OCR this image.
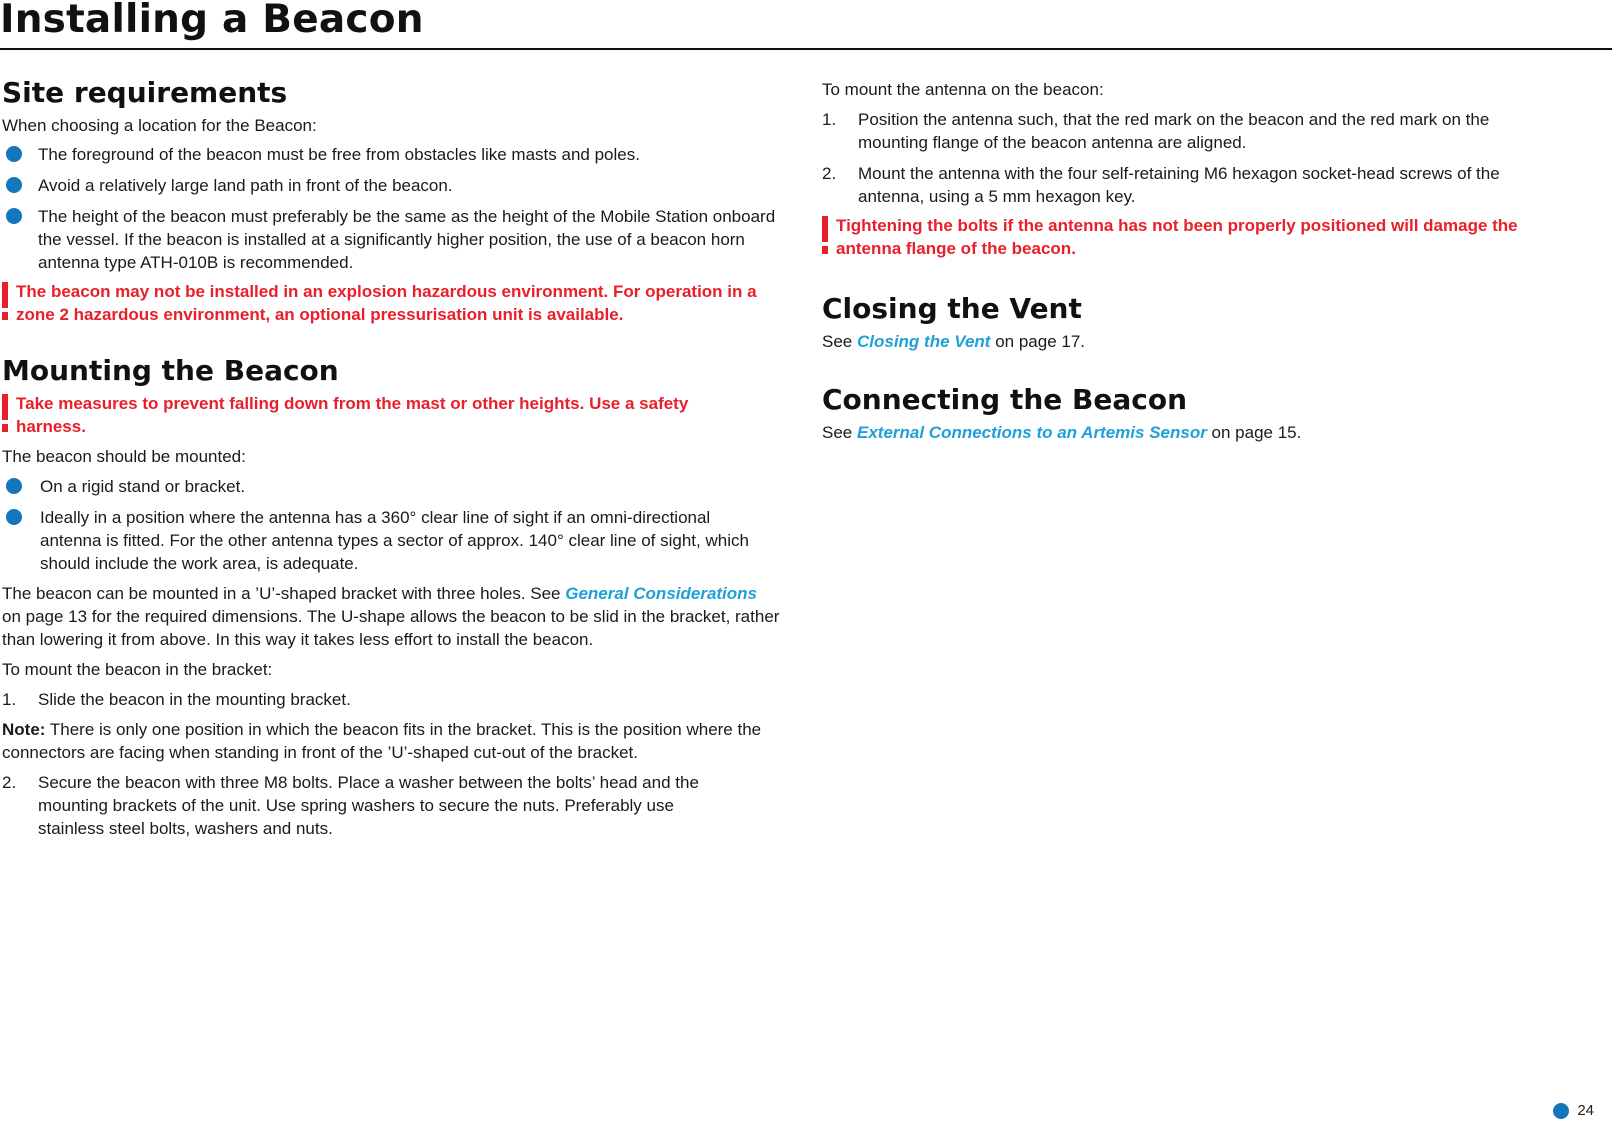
Installing a Beacon
Site requirements

When choosing a location for the Beacon:

The foreground of the beacon must be free from obstacles like masts and poles.
Avoid a relatively large land path in front of the beacon.
The height of the beacon must preferably be the same as the height of the Mobile Station onboard the vessel. If the beacon is installed at a significantly higher position, the use of a beacon horn antenna type ATH-010B is recommended.
The beacon may not be installed in an explosion hazardous environment. For operation in a zone 2 hazardous environment, an optional pressurisation unit is available.
Mounting the Beacon
Take measures to prevent falling down from the mast or other heights. Use a safety harness.

The beacon should be mounted:

On a rigid stand or bracket.
Ideally in a position where the antenna has a 360° clear line of sight if an omni-directional antenna is fitted. For the other antenna types a sector of approx. 140° clear line of sight, which should include the work area, is adequate.

The beacon can be mounted in a ’U’-shaped bracket with three holes. See General Considerations on page 13 for the required dimensions. The U-shape allows the beacon to be slid in the bracket, rather than lowering it from above. In this way it takes less effort to install the beacon.

To mount the beacon in the bracket:

1. Slide the beacon in the mounting bracket.

Note: There is only one position in which the beacon fits in the bracket. This is the position where the connectors are facing when standing in front of the ’U’-shaped cut-out of the bracket.

2. Secure the beacon with three M8 bolts. Place a washer between the bolts’ head and the mounting brackets of the unit. Use spring washers to secure the nuts. Preferably use stainless steel bolts, washers and nuts.

To mount the antenna on the beacon:

1. Position the antenna such, that the red mark on the beacon and the red mark on the mounting flange of the beacon antenna are aligned.
2. Mount the antenna with the four self-retaining M6 hexagon socket-head screws of the antenna, using a 5 mm hexagon key.
Tightening the bolts if the antenna has not been properly positioned will damage the antenna flange of the beacon.
Closing the Vent

See Closing the Vent on page 17.

Connecting the Beacon

See External Connections to an Artemis Sensor on page 15.

24
